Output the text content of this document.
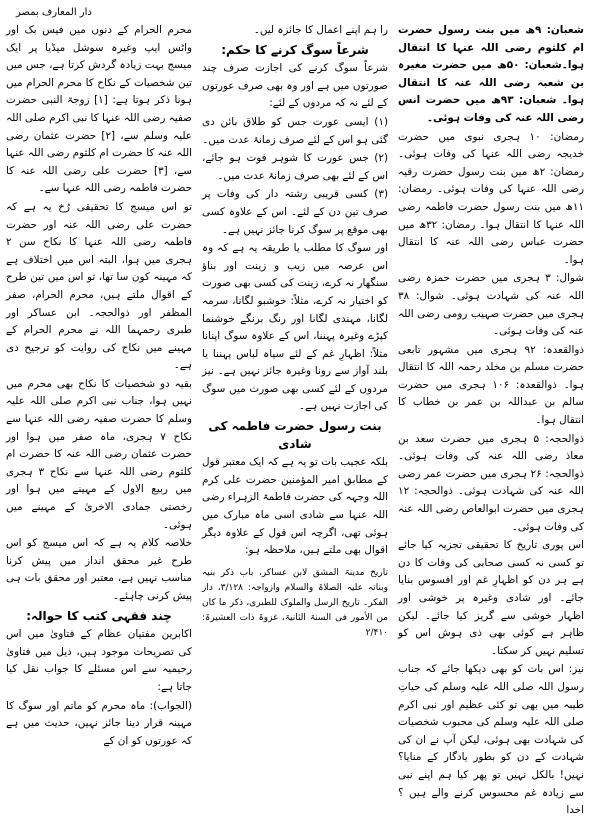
دار المعارف بمصر

شعبان: ۹ھ میں بنت رسول حضرت ام کلثوم رضی اللہ عنہا کا انتقال ہوا۔شعبان: ۵۰ھ میں حضرت مغیرہ بن شعبہ رضی اللہ عنہ کا انتقال ہوا۔ شعبان: ۹۳ھ میں حضرت انس رضی اللہ عنہ کی وفات ہوئی۔

رمضان: ۱۰ ہجری نبوی میں حضرت خدیجہ رضی اللہ عنہا کی وفات ہوئی۔ رمضان: ۲ھ میں بنت رسول حضرت رقیہ رضی اللہ عنہا کی وفات ہوئی۔ رمضان: ۱۱ھ میں بنت رسول حضرت فاطمہ رضی اللہ عنہا کا انتقال ہوا۔ رمضان: ۳۲ھ میں حضرت عباس رضی اللہ عنہ کا انتقال ہوا۔

شوال: ۳ ہجری میں حضرت حمزہ رضی اللہ عنہ کی شہادت ہوئی۔ شوال: ۳۸ ہجری میں حضرت صہیب رومی رضی اللہ عنہ کی وفات ہوئی۔

ذوالقعدہ: ۹۲ ہجری میں مشہور تابعی حضرت مسلم بن مخلد رحمہ اللہ کا انتقال ہوا۔ ذوالقعدہ: ۱۰۶ ہجری میں حضرت سالم بن عبداللہ بن عمر بن خطاب کا انتقال ہوا۔

ذوالحجہ: ۵ ہجری میں حضرت سعد بن معاذ رضی اللہ عنہ کی وفات ہوئی۔ ذوالحجہ: ۲۶ ہجری میں حضرت عمر رضی اللہ عنہ کی شہادت ہوئی۔ ذوالحجہ: ۱۲ ہجری میں حضرت ابوالعاص رضی اللہ عنہ کی وفات ہوئی۔

اس پوری تاریخ کا تحقیقی تجزیہ کیا جائے تو کسی نہ کسی صحابی کی وفات کا دن ہے ہر دن کو اظہارِ غم اور افسوس بنایا جائے۔ اور شادی وغیرہ پر خوشی اور اظہار خوشی سے گریز کیا جائے۔ لیکن ظاہر ہے کوئی بھی ذی ہوش اس کو تسلیم نہیں کر سکتا۔

نیز: اس بات کو بھی دیکھا جائے کہ جناب رسول اللہ صلی اللہ علیہ وسلم کی حیاتِ طیبہ میں بھی تو کئی عظیم اور نبی اکرم صلی اللہ علیہ وسلم کی محبوب شخصیات کی شہادت بھی ہوئی، لیکن آپ نے ان کی شہادت کے دن کو بطور یادگار کے منایا؟ نہیں! بالکل نہیں تو پھر کیا ہم اپنے نبی سے زیادہ غم محسوس کرنے والے ہیں ؟ اخدا

را ہم اپنے اعمال کا جائزہ لیں۔

شرعاً سوگ کرنے کا حکم:

شرعاً سوگ کرنے کی اجازت صرف چند صورتوں میں ہے اور وہ بھی صرف عورتوں کے لئے نہ کہ مردوں کے لئے:

(۱) ایسی عورت جس کو طلاق بائن دی گئی ہو اس کے لئے صرف زمانۂ عدت میں۔

(۲) جس عورت کا شوہر فوت ہو جائے، اس کے لئے بھی صرف زمانۂ عدت میں۔

(۳) کسی قریبی رشتہ دار کی وفات پر صرف تین دن کے لئے۔ اس کے علاوہ کسی بھی موقع پر سوگ کرنا جائز نہیں ہے۔

اور سوگ کا مطلب یا طریقہ یہ ہے کہ وہ اس عرصہ میں زیب و زینت اور بناؤ سنگھار نہ کرے، زینت کی کسی بھی صورت کو اختیار نہ کرے، مثلاً: خوشبو لگانا، سرمہ لگانا، مہندی لگانا اور رنگ برنگے خوشنما کپڑے وغیرہ پہننا، اس کے علاوہ سوگ اپنانا مثلاً: اظہارِ غم کے لئے سیاہ لباس پہننا یا بلند آواز سے رونا وغیرہ جائز نہیں ہے۔ نیز مردوں کے لئے کسی بھی صورت میں سوگ کی اجازت نہیں ہے۔

بنت رسول حضرت فاطمہ کی شادی

بلکہ عجیب بات تو یہ ہے کہ ایک معتبر قول کے مطابق امیر المؤمنین حضرت علی کرم اللہ وجہہ کی حضرت فاطمۃ الزہراء رضی اللہ عنہا سے شادی اسی ماہ مبارک میں ہوئی تھی، اگرچہ اس قول کے علاوہ دیگر اقوال بھی ملتے ہیں، ملاحظہ ہو:

تاریخ مدینۃ المشق لابن عساکر، باب ذکر بنیہ وبناتہ علیہ الصلاۃ والسلام وازواجہ: ۳/۱۲۸، دار الفکر۔ تاریخ الرسل والملوک للطبری، ذکر ما کان من الأمور فی السنۃ الثانیۃ، غزوۃ ذات العشیرۃ: ۲/۴۱۰

محرم الحرام کے دنوں میں فیس بک اور واٹس ایپ وغیرہ سوشل میڈیا پر ایک میسج بہت زیادہ گردش کرتا ہے، جس میں تین شخصیات کے نکاح کا محرم الحرام میں ہونا ذکر ہوتا ہے: [۱] زوجۃ النبی حضرت صفیہ رضی اللہ عنہا کا نبی اکرم صلی اللہ علیہ وسلم سے، [۲] حضرت عثمان رضی اللہ عنہ کا حضرت ام کلثوم رضی اللہ عنہا سے، [۳] حضرت علی رضی اللہ عنہ کا حضرت فاطمہ رضی اللہ عنہا سے۔

تو اس میسج کا تحقیقی رُخ یہ ہے کہ حضرت علی رضی اللہ عنہ اور حضرت فاطمہ رضی اللہ عنہا کا نکاح سن ۲ ہجری میں ہوا، البتہ اس میں اختلاف ہے کہ مہینہ کون سا تھا، تو اس میں تین طرح کے اقوال ملتے ہیں، محرم الحرام، صفر المظفر اور ذوالحجہ۔ ابن عساکر اور طبری رحمہما اللہ نے محرم الحرام کے مہینے میں نکاح کی روایت کو ترجیح دی ہے۔

بقیہ دو شخصیات کا نکاح بھی محرم میں نہیں ہوا، جناب نبی اکرم صلی اللہ علیہ وسلم کا حضرت صفیہ رضی اللہ عنہا سے نکاح ۷ ہجری، ماہ صفر میں ہوا اور حضرت عثمان رضی اللہ عنہ کا حضرت ام کلثوم رضی اللہ عنہا سے نکاح ۳ ہجری میں ربیع الاول کے مہینے میں ہوا اور رخصتی جمادی الاخریٰ کے مہینے میں ہوئی۔

خلاصہ کلام یہ ہے کہ اس میسج کو اس طرح غیر محقق انداز میں پیش کرنا مناسب نہیں ہے، معتبر اور محقق بات ہی پیش کرنی چاہئے۔

چند فقہی کتب کا حوالہ:

اکابرین مفتیان عظام کے فتاویٰ میں اس کی تصریحات موجود ہیں، ذیل میں فتاویٰ رحیمیہ سے اس مسئلے کا جواب نقل کیا جاتا ہے:

(الجواب): ماہ محرم کو ماتم اور سوگ کا مہینہ قرار دینا جائز نہیں، حدیث میں ہے کہ عورتوں کو ان کے
